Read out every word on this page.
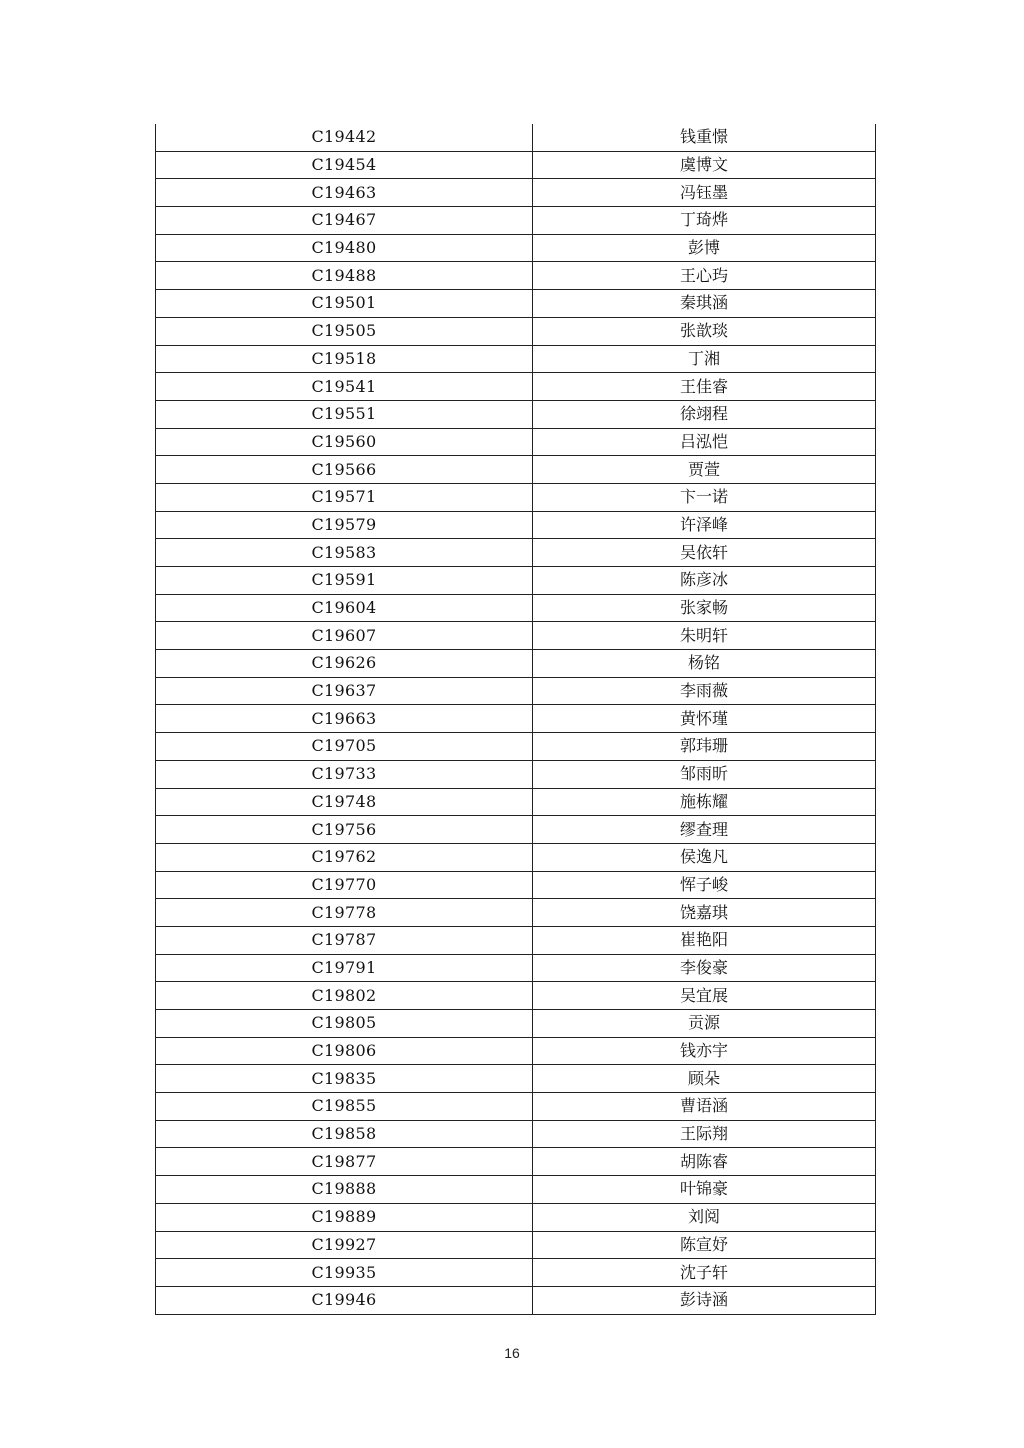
C19442	钱重憬
C19454	虞博文
C19463	冯钰墨
C19467	丁琦烨
C19480	彭博
C19488	王心玙
C19501	秦琪涵
C19505	张歆琰
C19518	丁湘
C19541	王佳睿
C19551	徐翊程
C19560	吕泓恺
C19566	贾萱
C19571	卞一诺
C19579	许泽峰
C19583	吴依轩
C19591	陈彦冰
C19604	张家畅
C19607	朱明轩
C19626	杨铭
C19637	李雨薇
C19663	黄怀瑾
C19705	郭玮珊
C19733	邹雨昕
C19748	施栋耀
C19756	缪查理
C19762	侯逸凡
C19770	恽子峻
C19778	饶嘉琪
C19787	崔艳阳
C19791	李俊豪
C19802	吴宜展
C19805	贡源
C19806	钱亦宇
C19835	顾朵
C19855	曹语涵
C19858	王际翔
C19877	胡陈睿
C19888	叶锦豪
C19889	刘阅
C19927	陈宣妤
C19935	沈子轩
C19946	彭诗涵
16
